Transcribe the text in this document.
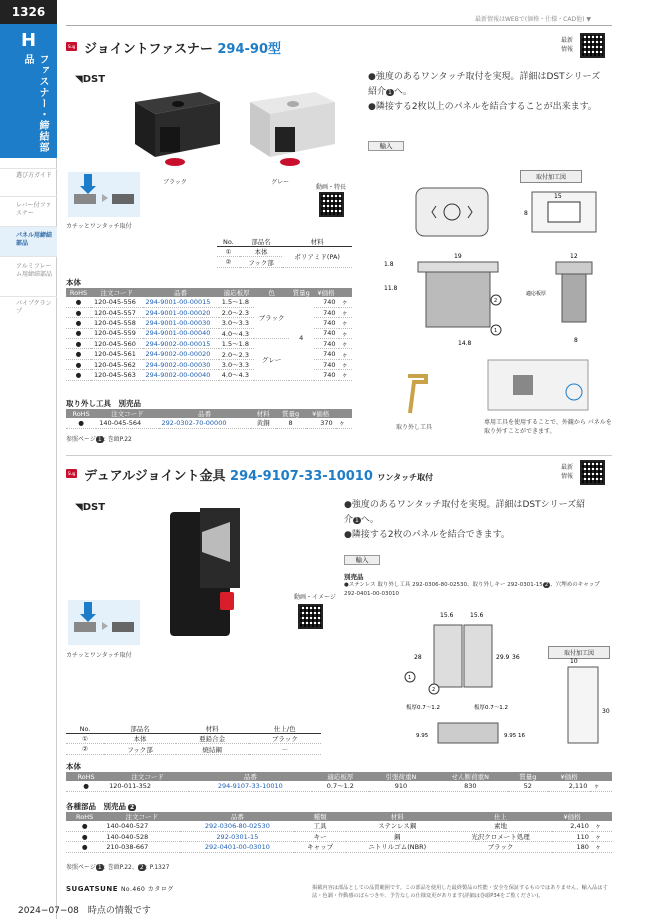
1326
H
ファスナー・締結部品
選び方ガイド
レバー付ファスナー
パネル用締結部品
アルミフレーム用締結部品
パイプクランプ
最新情報はWEBで(価格・仕様・CAD他) ▼
Sug ジョイントファスナー 294-90型
最新情報
◥DST
ブラック	グレー
カチッとワンタッチ取付
動画・特長
●強度のあるワンタッチ取付を実現。詳細はDSTシリーズ紹介 1 へ。
●隣接する2枚以上のパネルを結合することが出来ます。
輸入
No.	部品名	材料
①	本体	ポリアミド(PA)
②	フック部	
本体
RoHS	注文コード	品番	適応板厚	色	質量g	¥価格	
●	120-045-556	294-9001-00-00015	1.5～1.8	ブラック	4	740	ヶ
●	120-045-557	294-9001-00-00020	2.0～2.3			740	ヶ
●	120-045-558	294-9001-00-00030	3.0～3.3			740	ヶ
●	120-045-559	294-9001-00-00040	4.0～4.3			740	ヶ
●	120-045-560	294-9002-00-00015	1.5～1.8	グレー		740	ヶ
●	120-045-561	294-9002-00-00020	2.0～2.3			740	ヶ
●	120-045-562	294-9002-00-00030	3.0～3.3			740	ヶ
●	120-045-563	294-9002-00-00040	4.0～4.3			740	ヶ
取り外し工具　別売品
RoHS	注文コード	品番	材料	質量g	¥価格	
●	140-045-564	292-0302-70-00000	黄銅	8	370	ヶ
参照ページ 1 : 巻頭P.22
取り外し工具
専用工具を使用することで、外観から パネルを取り外すことができます。
取付加工図
15
8
19
14.8
11.8
1.8
2
1
12
8
適応板厚
Sug デュアルジョイント金具 294-9107-33-10010 ワンタッチ取付
最新情報
◥DST
カチッとワンタッチ取付
動画・イメージ
●強度のあるワンタッチ取付を実現。詳細はDSTシリーズ紹
介 1 へ。
●隣接する2枚のパネルを結合できます。
輸入
別売品
●ステンレス 取り外し工具 292-0306-80-02530、取り外しキー 292-0301-15 2 、穴埋めのキャップ 292-0401-00-03010
取付加工図
15.6	15.6
28	29.9 36
1
2
板厚0.7～1.2	板厚0.7～1.2
9.95	9.95 16
10
30
No.	部品名	材料	仕上/色
①	本体	亜鉛合金	ブラック
②	フック部	焼結鋼	－
本体
RoHS	注文コード	品番	適応板厚	引張荷重N	せん断荷重N	質量g	¥価格	
●	120-011-352	294-9107-33-10010	0.7～1.2	910	830	52	2,110	ヶ
各種部品　別売品 2
RoHS	注文コード	品番	種類	材料	仕上	¥価格	
●	140-040-527	292-0306-80-02530	工具	ステンレス鋼	素地	2,410	ヶ
●	140-040-528	292-0301-15	キー	鋼	光沢クロメート処理	110	ヶ
●	210-038-667	292-0401-00-03010	キャップ	ニトリルゴム(NBR)	ブラック	180	ヶ
参照ページ 1 : 巻頭P.22、 2 : P.1327
SUGATSUNE No.460 カタログ
2024−07−08　 時点の情報です
掲載内容は部品としての品質範囲です。この部品を使用した最終製品の性能・安全を保証するものではありません。輸入品は寸法・色調・作動感のばらつきや、予告なしの仕様変更があります(詳細は巻頭P34をご覧ください)。
